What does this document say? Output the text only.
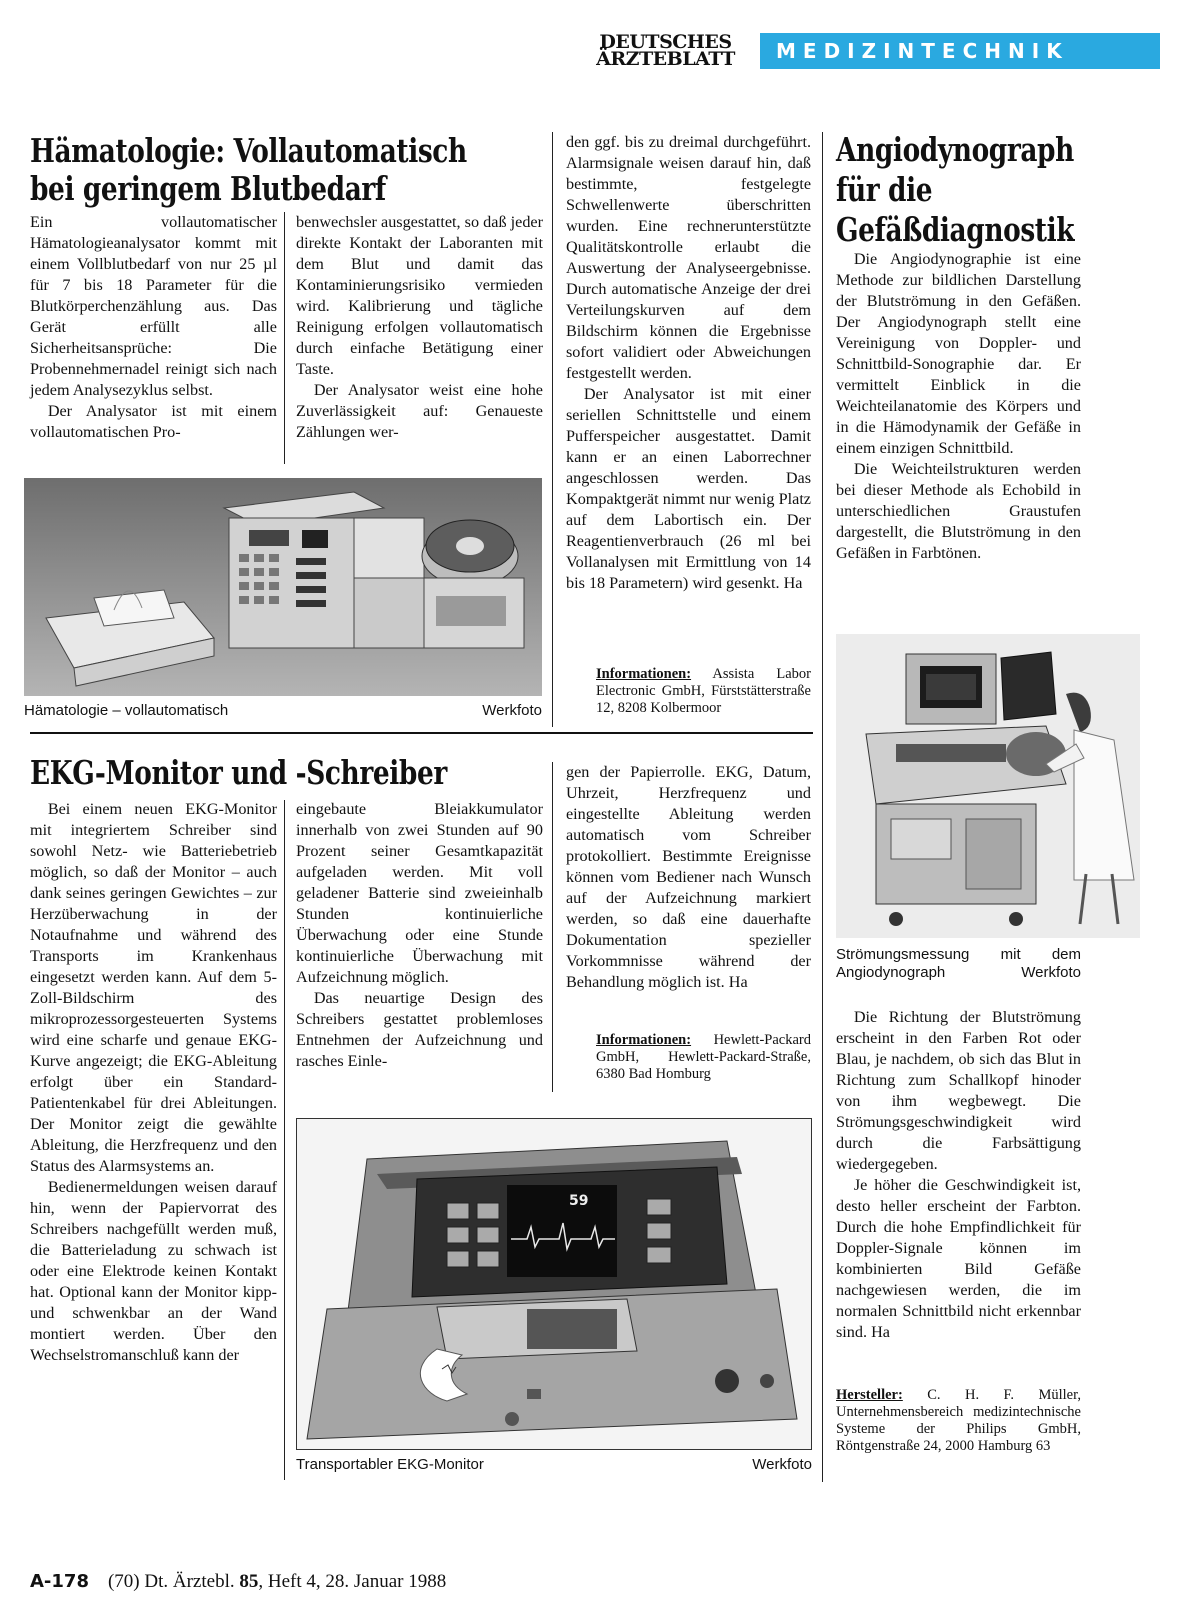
DEUTSCHES
ÄRZTEBLATT	MEDIZINTECHNIK
Hämatologie: Vollautomatisch
bei geringem Blutbedarf

Ein vollautomatischer Hämatologieanalysator kommt mit einem Vollblutbedarf von nur 25 µl für 7 bis 18 Parameter für die Blutkörperchenzählung aus. Das Gerät erfüllt alle Sicherheitsansprüche: Die Probennehmernadel reinigt sich nach jedem Analysezyklus selbst.

Der Analysator ist mit einem vollautomatischen Pro-

benwechsler ausgestattet, so daß jeder direkte Kontakt der Laboranten mit dem Blut und damit das Kontaminierungsrisiko vermieden wird. Kalibrierung und tägliche Reinigung erfolgen vollautomatisch durch einfache Betätigung einer Taste.

Der Analysator weist eine hohe Zuverlässigkeit auf: Genaueste Zählungen wer-

den ggf. bis zu dreimal durchgeführt. Alarmsignale weisen darauf hin, daß bestimmte, festgelegte Schwellenwerte überschritten wurden. Eine rechnerunterstützte Qualitätskontrolle erlaubt die Auswertung der Analyseergebnisse. Durch automatische Anzeige der drei Verteilungskurven auf dem Bildschirm können die Ergebnisse sofort validiert oder Abweichungen festgestellt werden.

Der Analysator ist mit einer seriellen Schnittstelle und einem Pufferspeicher ausgestattet. Damit kann er an einen Laborrechner angeschlossen werden. Das Kompaktgerät nimmt nur wenig Platz auf dem Labortisch ein. Der Reagentienverbrauch (26 ml bei Vollanalysen mit Ermittlung von 14 bis 18 Parametern) wird gesenkt. Ha

Informationen: Assista Labor Electronic GmbH, Fürststätterstraße 12, 8208 Kolbermoor
Hämatologie – vollautomatisch	Werkfoto
EKG-Monitor und -Schreiber

Bei einem neuen EKG-Monitor mit integriertem Schreiber sind sowohl Netz- wie Batteriebetrieb möglich, so daß der Monitor – auch dank seines geringen Gewichtes – zur Herzüberwachung in der Notaufnahme und während des Transports im Krankenhaus eingesetzt werden kann. Auf dem 5-Zoll-Bildschirm des mikroprozessorgesteuerten Systems wird eine scharfe und genaue EKG-Kurve angezeigt; die EKG-Ableitung erfolgt über ein Standard-Patientenkabel für drei Ableitungen. Der Monitor zeigt die gewählte Ableitung, die Herzfrequenz und den Status des Alarmsystems an.

Bedienermeldungen weisen darauf hin, wenn der Papiervorrat des Schreibers nachgefüllt werden muß, die Batterieladung zu schwach ist oder eine Elektrode keinen Kontakt hat. Optional kann der Monitor kipp- und schwenkbar an der Wand montiert werden. Über den Wechselstromanschluß kann der

eingebaute Bleiakkumulator innerhalb von zwei Stunden auf 90 Prozent seiner Gesamtkapazität aufgeladen werden. Mit voll geladener Batterie sind zweieinhalb Stunden kontinuierliche Überwachung oder eine Stunde kontinuierliche Überwachung mit Aufzeichnung möglich.

Das neuartige Design des Schreibers gestattet problemloses Entnehmen der Aufzeichnung und rasches Einle-

gen der Papierrolle. EKG, Datum, Uhrzeit, Herzfrequenz und eingestellte Ableitung werden automatisch vom Schreiber protokolliert. Bestimmte Ereignisse können vom Bediener nach Wunsch auf der Aufzeichnung markiert werden, so daß eine dauerhafte Dokumentation spezieller Vorkommnisse während der Behandlung möglich ist. Ha

Informationen: Hewlett-Packard GmbH, Hewlett-Packard-Straße, 6380 Bad Homburg
59
Transportabler EKG-Monitor	Werkfoto
Angiodynograph
für die
Gefäßdiagnostik

Die Angiodynographie ist eine Methode zur bildlichen Darstellung der Blutströmung in den Gefäßen. Der Angiodynograph stellt eine Vereinigung von Doppler- und Schnittbild-Sonographie dar. Er vermittelt Einblick in die Weichteilanatomie des Körpers und in die Hämodynamik der Gefäße in einem einzigen Schnittbild.

Die Weichteilstrukturen werden bei dieser Methode als Echobild in unterschiedlichen Graustufen dargestellt, die Blutströmung in den Gefäßen in Farbtönen.

Strömungsmessung mit dem
Angiodynograph	Werkfoto

Die Richtung der Blutströmung erscheint in den Farben Rot oder Blau, je nachdem, ob sich das Blut in Richtung zum Schallkopf hinoder von ihm wegbewegt. Die Strömungsgeschwindigkeit wird durch die Farbsättigung wiedergegeben.

Je höher die Geschwindigkeit ist, desto heller erscheint der Farbton. Durch die hohe Empfindlichkeit für Doppler-Signale können im kombinierten Bild Gefäße nachgewiesen werden, die im normalen Schnittbild nicht erkennbar sind. Ha

Hersteller: C. H. F. Müller, Unternehmensbereich medizintechnische Systeme der Philips GmbH, Röntgenstraße 24, 2000 Hamburg 63
A-178 (70) Dt. Ärztebl. 85, Heft 4, 28. Januar 1988
